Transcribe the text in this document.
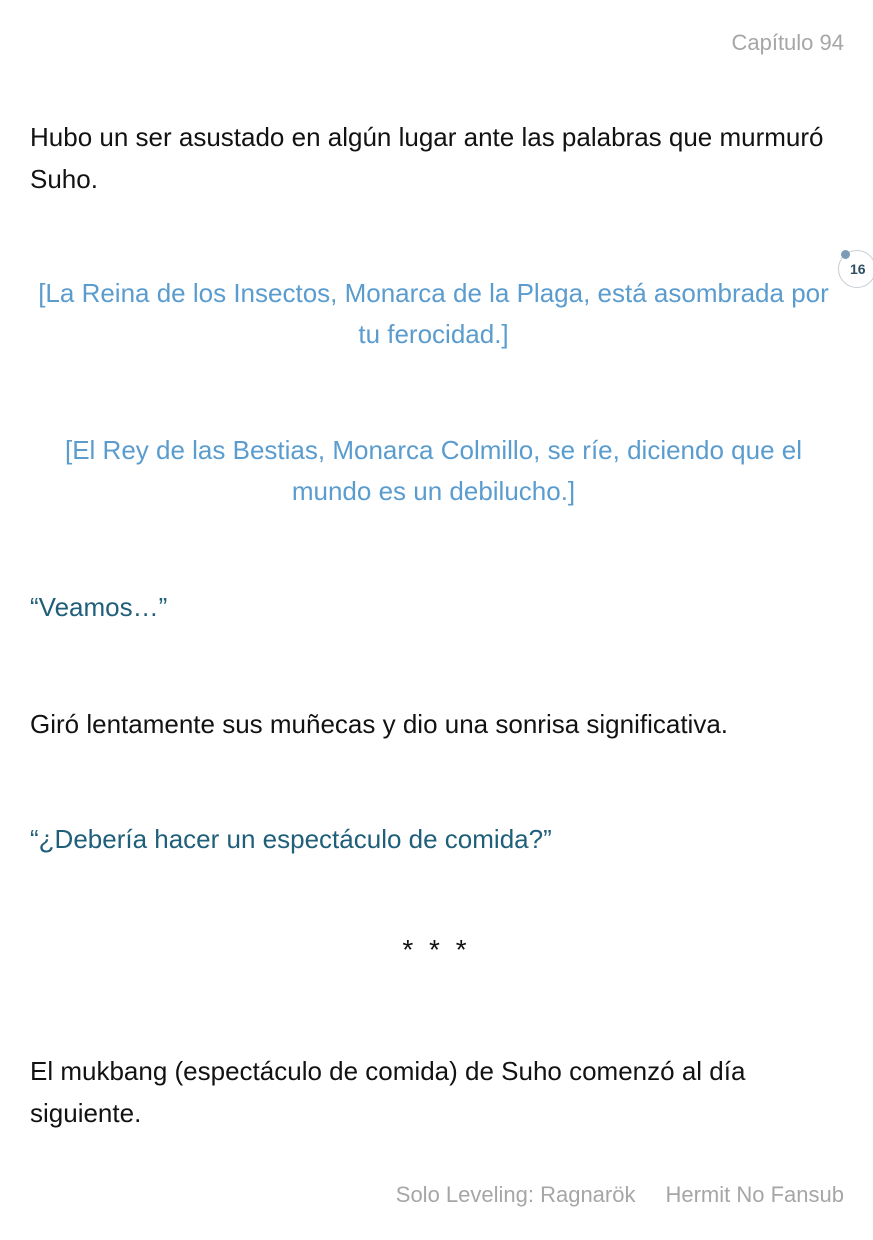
Capítulo 94

Hubo un ser asustado en algún lugar ante las palabras que murmuró Suho.

[La Reina de los Insectos, Monarca de la Plaga, está asombrada por tu ferocidad.]

16

[El Rey de las Bestias, Monarca Colmillo, se ríe, diciendo que el mundo es un debilucho.]

“Veamos…”

Giró lentamente sus muñecas y dio una sonrisa significativa.

“¿Debería hacer un espectáculo de comida?”

* * *

El mukbang (espectáculo de comida) de Suho comenzó al día siguiente.

Solo Leveling: Ragnarök Hermit No Fansub
